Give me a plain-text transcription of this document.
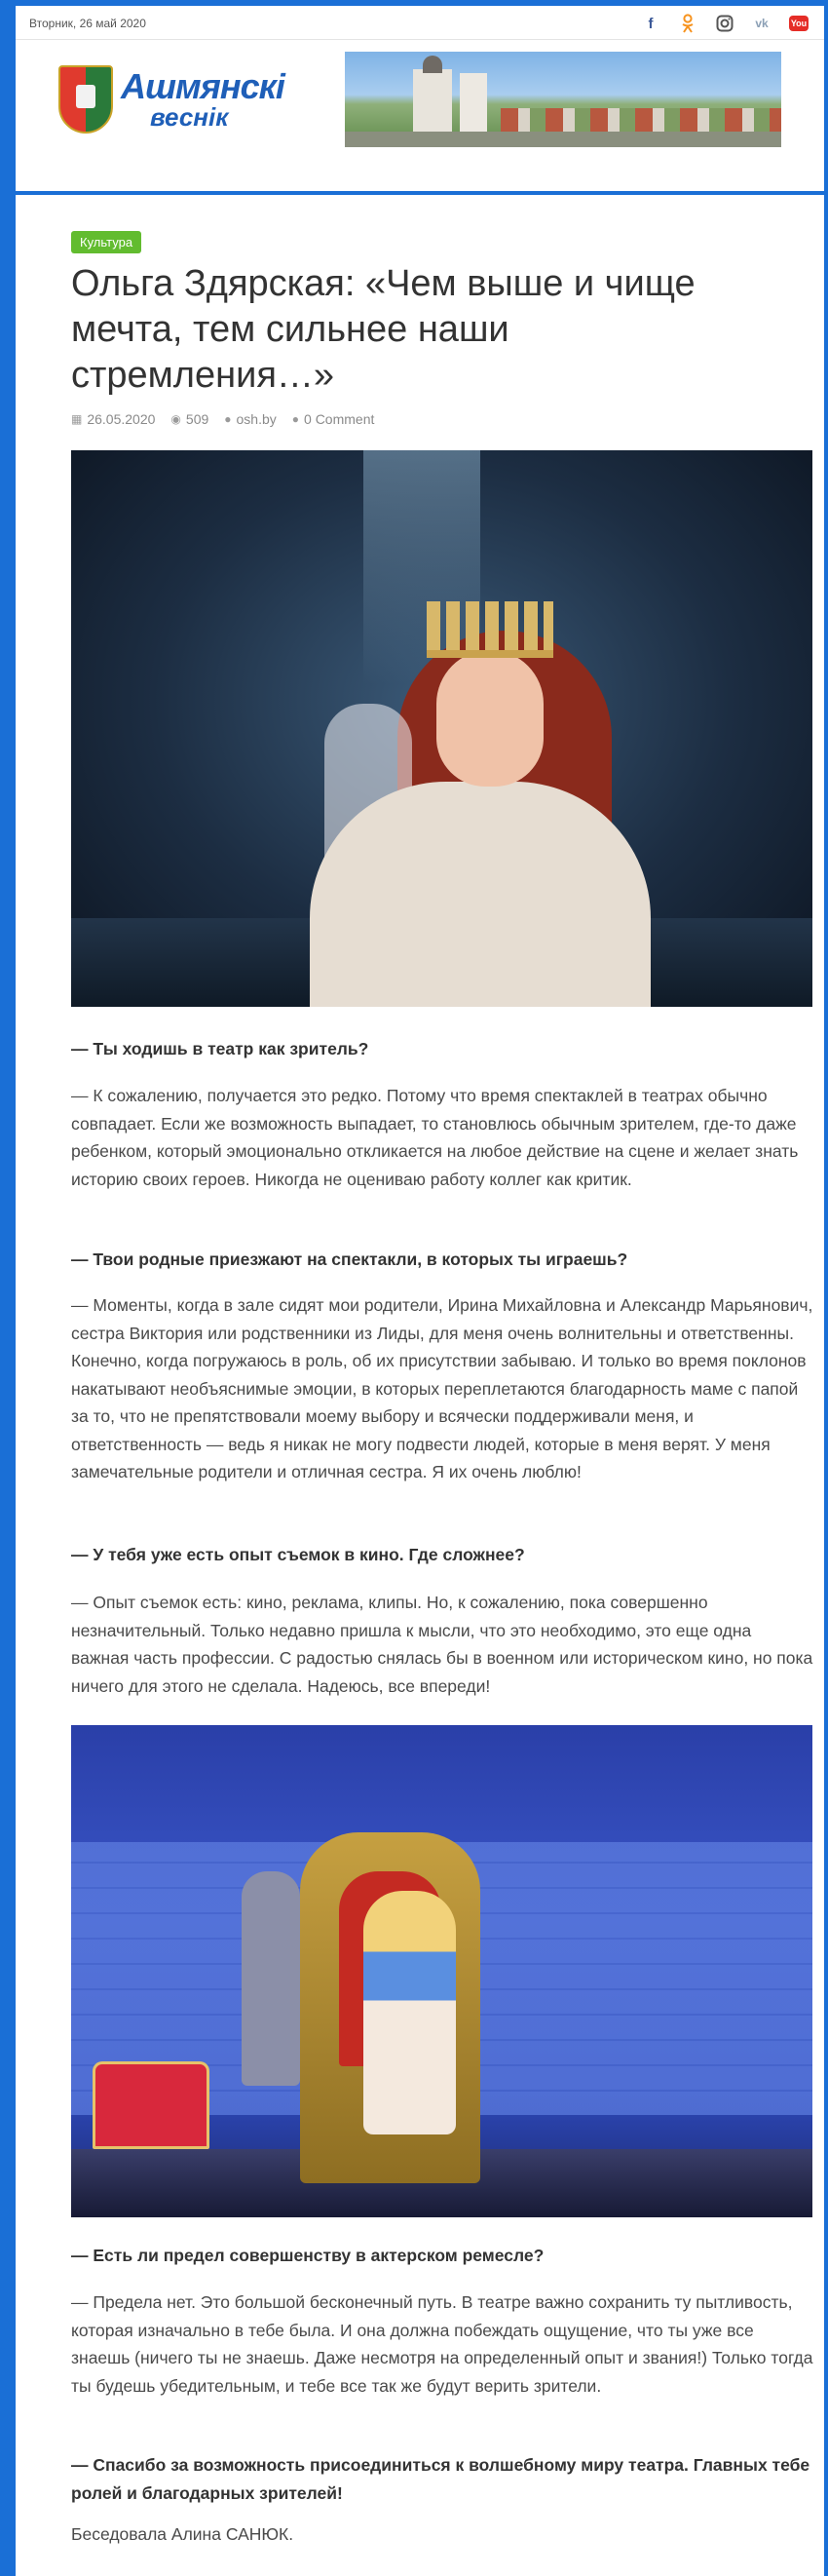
Вторник, 26 май 2020	f	vk	You
Ашмянскі
веснік
Культура
Ольга Здярская: «Чем выше и чище мечта, тем сильнее наши стремления…»
▦ 26.05.2020 ◉ 509 ● osh.by ● 0 Comment
— Ты ходишь в театр как зритель?
— К сожалению, получается это редко. Потому что время спектаклей в театрах обычно совпадает. Если же возможность выпадает, то становлюсь обычным зрителем, где-то даже ребенком, который эмоционально откликается на любое действие на сцене и желает знать историю своих героев. Никогда не оцениваю работу коллег как критик.
— Твои родные приезжают на спектакли, в которых ты играешь?
— Моменты, когда в зале сидят мои родители, Ирина Михайловна и Александр Марьянович, сестра Виктория или родственники из Лиды, для меня очень волнительны и ответственны. Конечно, когда погружаюсь в роль, об их присутствии забываю. И только во время поклонов накатывают необъяснимые эмоции, в которых переплетаются благодарность маме с папой за то, что не препятствовали моему выбору и всячески поддерживали меня, и ответственность — ведь я никак не могу подвести людей, которые в меня верят. У меня замечательные родители и отличная сестра. Я их очень люблю!
— У тебя уже есть опыт съемок в кино. Где сложнее?
— Опыт съемок есть: кино, реклама, клипы. Но, к сожалению, пока совершенно незначительный. Только недавно пришла к мысли, что это необходимо, это еще одна важная часть профессии. С радостью снялась бы в военном или историческом кино, но пока ничего для этого не сделала. Надеюсь, все впереди!
— Есть ли предел совершенству в актерском ремесле?
— Предела нет. Это большой бесконечный путь. В театре важно сохранить ту пытливость, которая изначально в тебе была. И она должна побеждать ощущение, что ты уже все знаешь (ничего ты не знаешь. Даже несмотря на определенный опыт и звания!) Только тогда ты будешь убедительным, и тебе все так же будут верить зрители.
— Спасибо за возможность присоединиться к волшебному миру театра. Главных тебе ролей и благодарных зрителей!
Беседовала Алина САНЮК.
